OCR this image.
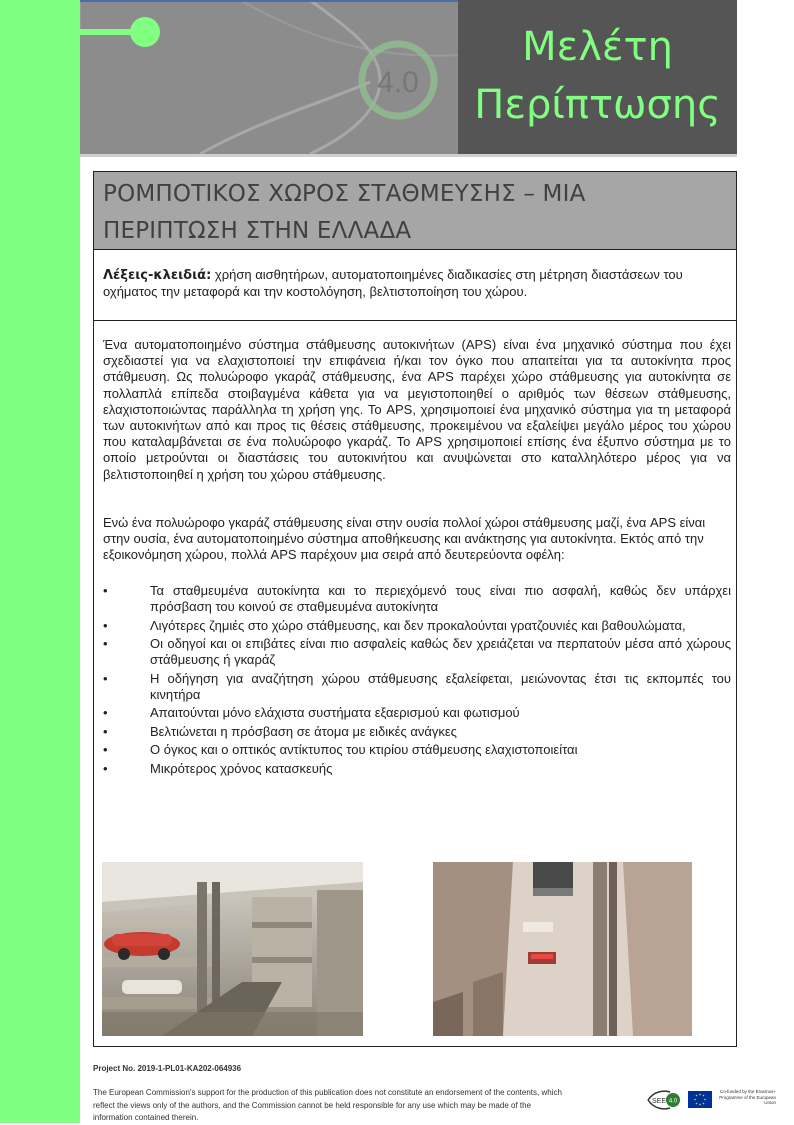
4.0
Μελέτη
Περίπτωσης
ΡΟΜΠΟΤΙΚΟΣ ΧΩΡΟΣ ΣΤΑΘΜΕΥΣΗΣ – ΜΙΑ ΠΕΡΙΠΤΩΣΗ ΣΤΗΝ ΕΛΛΑΔΑ
Λέξεις-κλειδιά: χρήση αισθητήρων, αυτοματοποιημένες διαδικασίες στη μέτρηση διαστάσεων του οχήματος την μεταφορά και την κοστολόγηση, βελτιστοποίηση του χώρου.
Ένα αυτοματοποιημένο σύστημα στάθμευσης αυτοκινήτων (APS) είναι ένα μηχανικό σύστημα που έχει σχεδιαστεί για να ελαχιστοποιεί την επιφάνεια ή/και τον όγκο που απαιτείται για τα αυτοκίνητα προς στάθμευση. Ως πολυώροφο γκαράζ στάθμευσης, ένα APS παρέχει χώρο στάθμευσης για αυτοκίνητα σε πολλαπλά επίπεδα στοιβαγμένα κάθετα για να μεγιστοποιηθεί ο αριθμός των θέσεων στάθμευσης, ελαχιστοποιώντας παράλληλα τη χρήση γης. Το APS, χρησιμοποιεί ένα μηχανικό σύστημα για τη μεταφορά των αυτοκινήτων από και προς τις θέσεις στάθμευσης, προκειμένου να εξαλείψει μεγάλο μέρος του χώρου που καταλαμβάνεται σε ένα πολυώροφο γκαράζ. Το APS χρησιμοποιεί επίσης ένα έξυπνο σύστημα με το οποίο μετρούνται οι διαστάσεις του αυτοκινήτου και ανυψώνεται στο καταλληλότερο μέρος για να βελτιστοποιηθεί η χρήση του χώρου στάθμευσης.
Ενώ ένα πολυώροφο γκαράζ στάθμευσης είναι στην ουσία πολλοί χώροι στάθμευσης μαζί, ένα APS είναι στην ουσία, ένα αυτοματοποιημένο σύστημα αποθήκευσης και ανάκτησης για αυτοκίνητα. Εκτός από την εξοικονόμηση χώρου, πολλά APS παρέχουν μια σειρά από δευτερεύοντα οφέλη:
•	Τα σταθμευμένα αυτοκίνητα και το περιεχόμενό τους είναι πιο ασφαλή, καθώς δεν υπάρχει πρόσβαση του κοινού σε σταθμευμένα αυτοκίνητα
•	Λιγότερες ζημιές στο χώρο στάθμευσης, και δεν προκαλούνται γρατζουνιές και βαθουλώματα,
•	Οι οδηγοί και οι επιβάτες είναι πιο ασφαλείς καθώς δεν χρειάζεται να περπατούν μέσα από χώρους στάθμευσης ή γκαράζ
•	Η οδήγηση για αναζήτηση χώρου στάθμευσης εξαλείφεται, μειώνοντας έτσι τις εκπομπές του κινητήρα
•	Απαιτούνται μόνο ελάχιστα συστήματα εξαερισμού και φωτισμού
•	Βελτιώνεται η πρόσβαση σε άτομα με ειδικές ανάγκες
•	Ο όγκος και ο οπτικός αντίκτυπος του κτιρίου στάθμευσης ελαχιστοποιείται
•	Μικρότερος χρόνος κατασκευής
Project No. 2019-1-PL01-KA202-064936
The European Commission's support for the production of this publication does not constitute an endorsement of the contents, which reflect the views only of the authors, and the Commission cannot be held responsible for any use which may be made of the information contained therein.
SEE 4.0
Co-funded by the Erasmus+ Programme of the European Union
